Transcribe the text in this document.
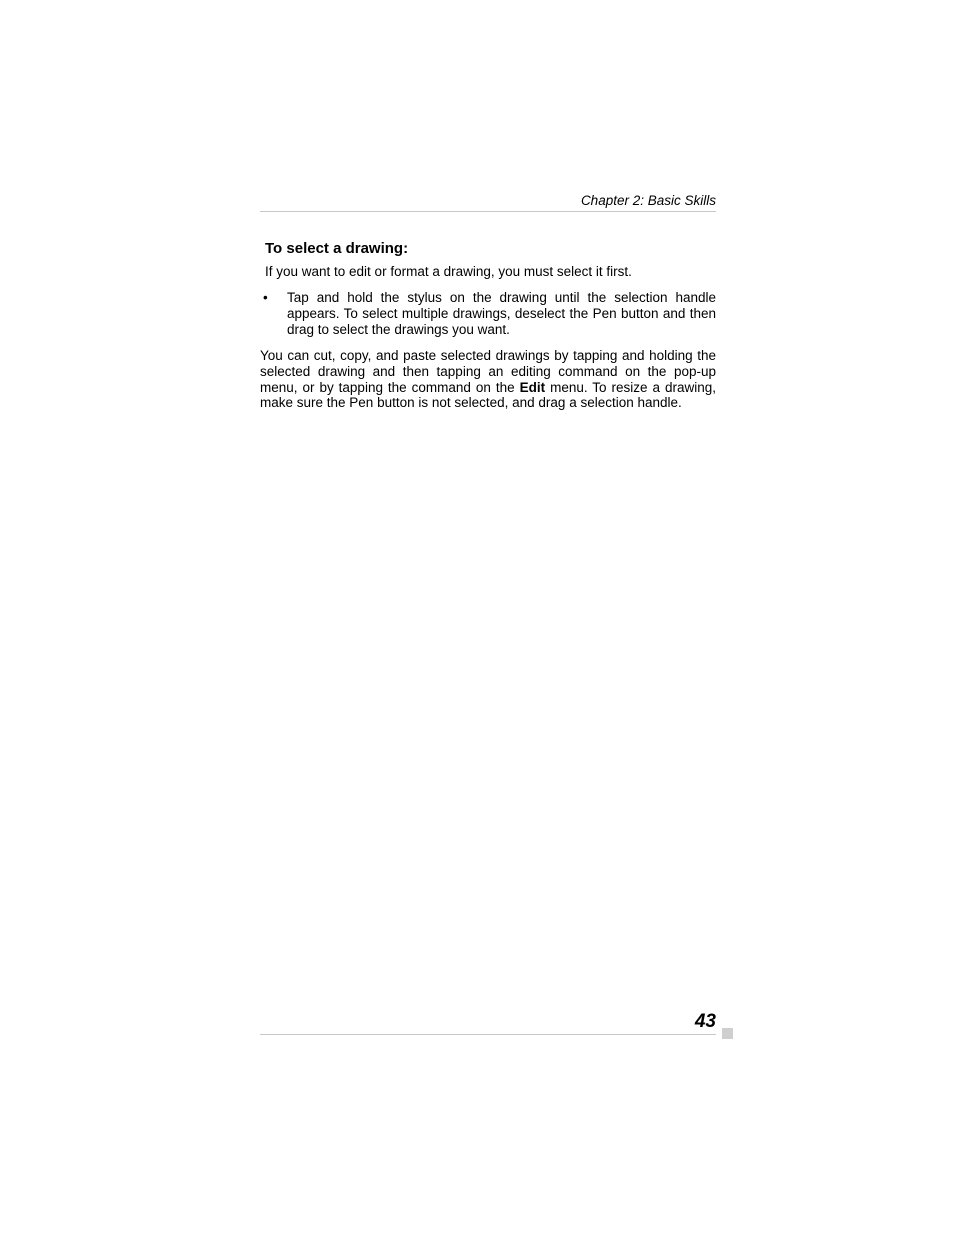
Chapter 2: Basic Skills
To select a drawing:
If you want to edit or format a drawing, you must select it first.
• Tap and hold the stylus on the drawing until the selection handle appears. To select multiple drawings, deselect the Pen button and then drag to select the drawings you want.
You can cut, copy, and paste selected drawings by tapping and holding the selected drawing and then tapping an editing command on the pop-up menu, or by tapping the command on the Edit menu. To resize a drawing, make sure the Pen button is not selected, and drag a selection handle.
43
